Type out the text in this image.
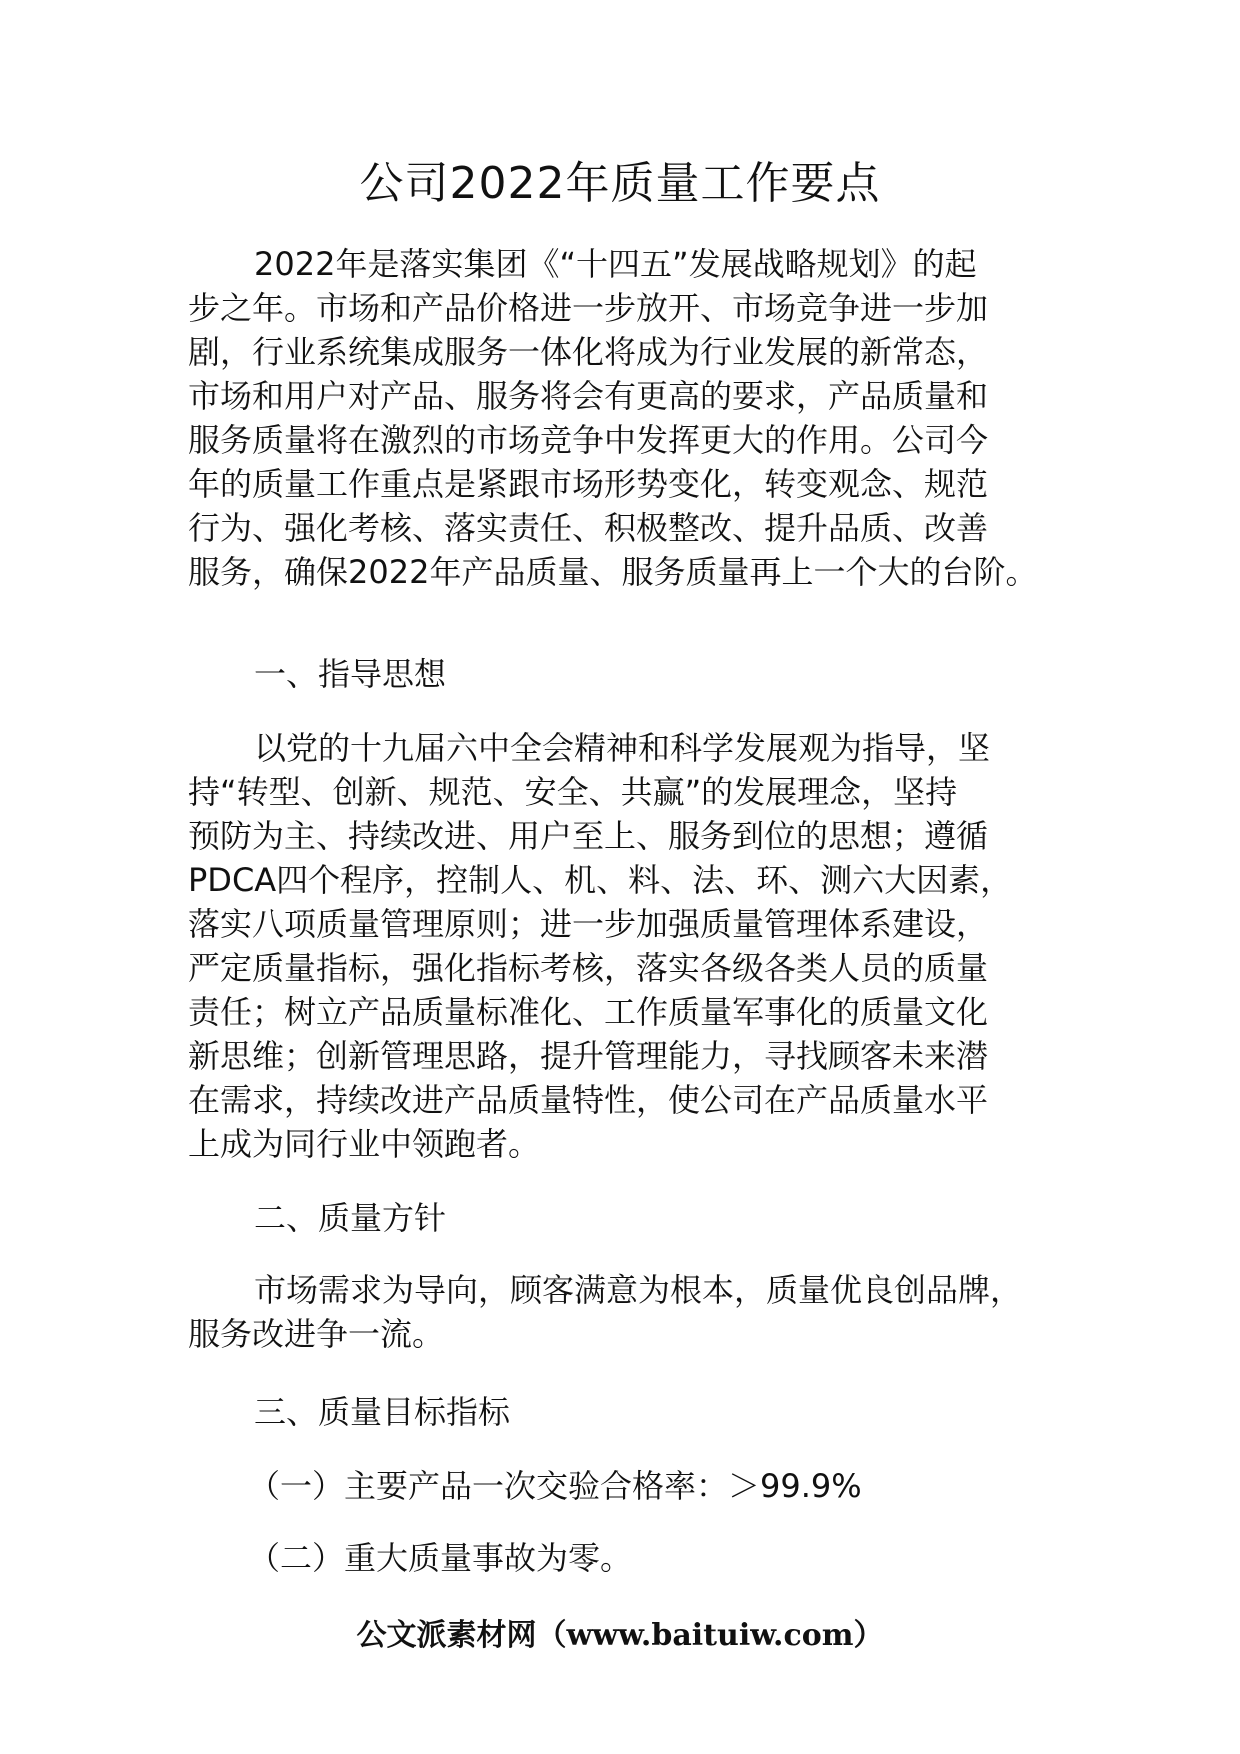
公司2022年质量工作要点
2022年是落实集团《“十四五”发展战略规划》的起
步之年。市场和产品价格进一步放开、市场竞争进一步加
剧，行业系统集成服务一体化将成为行业发展的新常态，
市场和用户对产品、服务将会有更高的要求，产品质量和
服务质量将在激烈的市场竞争中发挥更大的作用。公司今
年的质量工作重点是紧跟市场形势变化，转变观念、规范
行为、强化考核、落实责任、积极整改、提升品质、改善
服务，确保2022年产品质量、服务质量再上一个大的台阶。
一、指导思想
以党的十九届六中全会精神和科学发展观为指导，坚
持“转型、创新、规范、安全、共赢”的发展理念，坚持
预防为主、持续改进、用户至上、服务到位的思想；遵循
PDCA四个程序，控制人、机、料、法、环、测六大因素，
落实八项质量管理原则；进一步加强质量管理体系建设，
严定质量指标，强化指标考核，落实各级各类人员的质量
责任；树立产品质量标准化、工作质量军事化的质量文化
新思维；创新管理思路，提升管理能力，寻找顾客未来潜
在需求，持续改进产品质量特性，使公司在产品质量水平
上成为同行业中领跑者。
二、质量方针
市场需求为导向，顾客满意为根本，质量优良创品牌，
服务改进争一流。
三、质量目标指标
（一）主要产品一次交验合格率：＞99.9%
（二）重大质量事故为零。
公文派素材网（www.baituiw.com）
